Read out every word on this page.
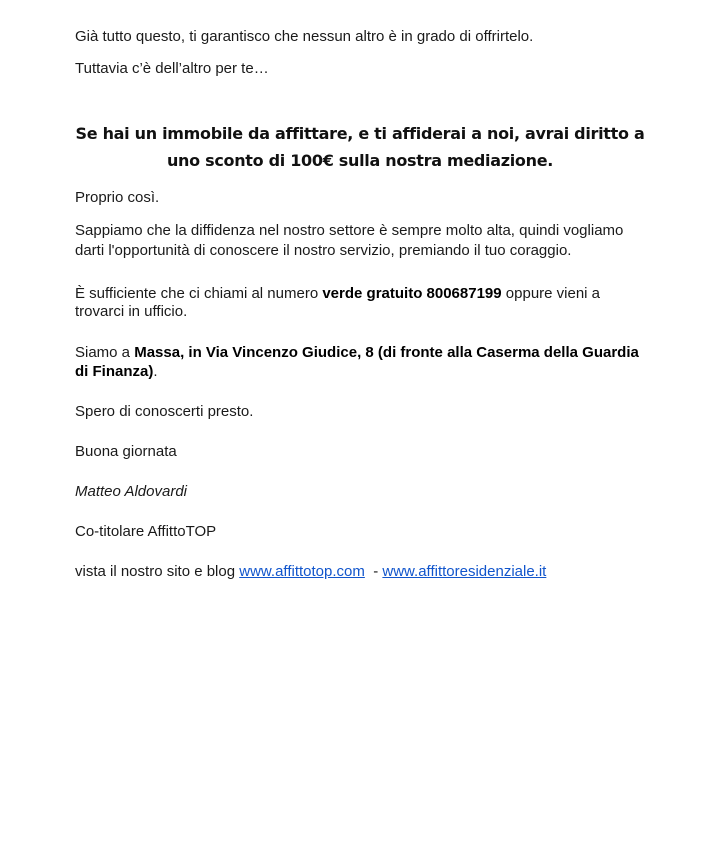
Già tutto questo, ti garantisco che nessun altro è in grado di offrirtelo.

Tuttavia c’è dell’altro per te…

Se hai un immobile da affittare, e ti affiderai a noi, avrai diritto a
uno sconto di 100€ sulla nostra mediazione.

Proprio così.

Sappiamo che la diffidenza nel nostro settore è sempre molto alta, quindi vogliamo darti l'opportunità di conoscere il nostro servizio, premiando il tuo coraggio.

È sufficiente che ci chiami al numero verde gratuito 800687199 oppure vieni a trovarci in ufficio.

Siamo a Massa, in Via Vincenzo Giudice, 8 (di fronte alla Caserma della Guardia di Finanza).

Spero di conoscerti presto.

Buona giornata

Matteo Aldovardi

Co-titolare AffittoTOP

vista il nostro sito e blog www.affittotop.com  - www.affittoresidenziale.it
